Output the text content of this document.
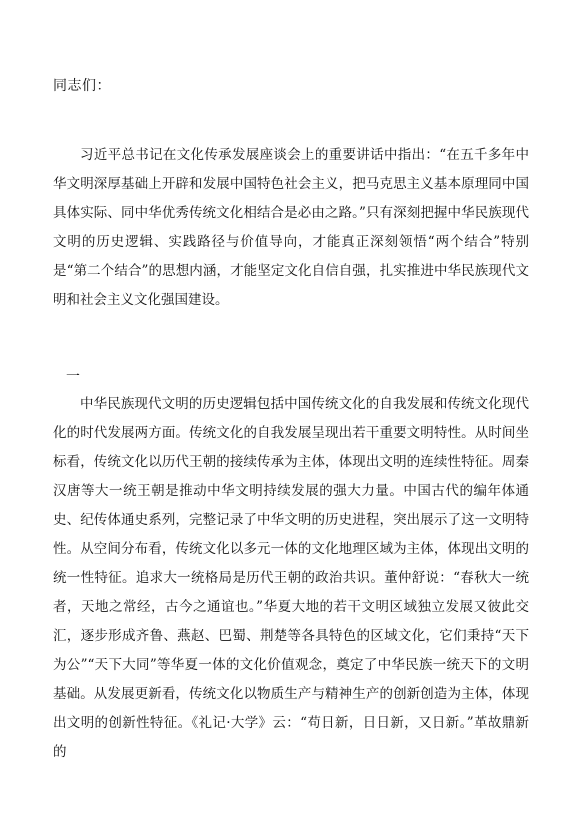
同志们：

习近平总书记在文化传承发展座谈会上的重要讲话中指出：“在五千多年中华文明深厚基础上开辟和发展中国特色社会主义，把马克思主义基本原理同中国具体实际、同中华优秀传统文化相结合是必由之路。”只有深刻把握中华民族现代文明的历史逻辑、实践路径与价值导向，才能真正深刻领悟“两个结合”特别是“第二个结合”的思想内涵，才能坚定文化自信自强，扎实推进中华民族现代文明和社会主义文化强国建设。

一

中华民族现代文明的历史逻辑包括中国传统文化的自我发展和传统文化现代化的时代发展两方面。传统文化的自我发展呈现出若干重要文明特性。从时间坐标看，传统文化以历代王朝的接续传承为主体，体现出文明的连续性特征。周秦汉唐等大一统王朝是推动中华文明持续发展的强大力量。中国古代的编年体通史、纪传体通史系列，完整记录了中华文明的历史进程，突出展示了这一文明特性。从空间分布看，传统文化以多元一体的文化地理区域为主体，体现出文明的统一性特征。追求大一统格局是历代王朝的政治共识。董仲舒说：“春秋大一统者，天地之常经，古今之通谊也。”华夏大地的若干文明区域独立发展又彼此交汇，逐步形成齐鲁、燕赵、巴蜀、荆楚等各具特色的区域文化，它们秉持“天下为公”“天下大同”等华夏一体的文化价值观念，奠定了中华民族一统天下的文明基础。从发展更新看，传统文化以物质生产与精神生产的创新创造为主体，体现出文明的创新性特征。《礼记·大学》云：“苟日新，日日新，又日新。”革故鼎新的
